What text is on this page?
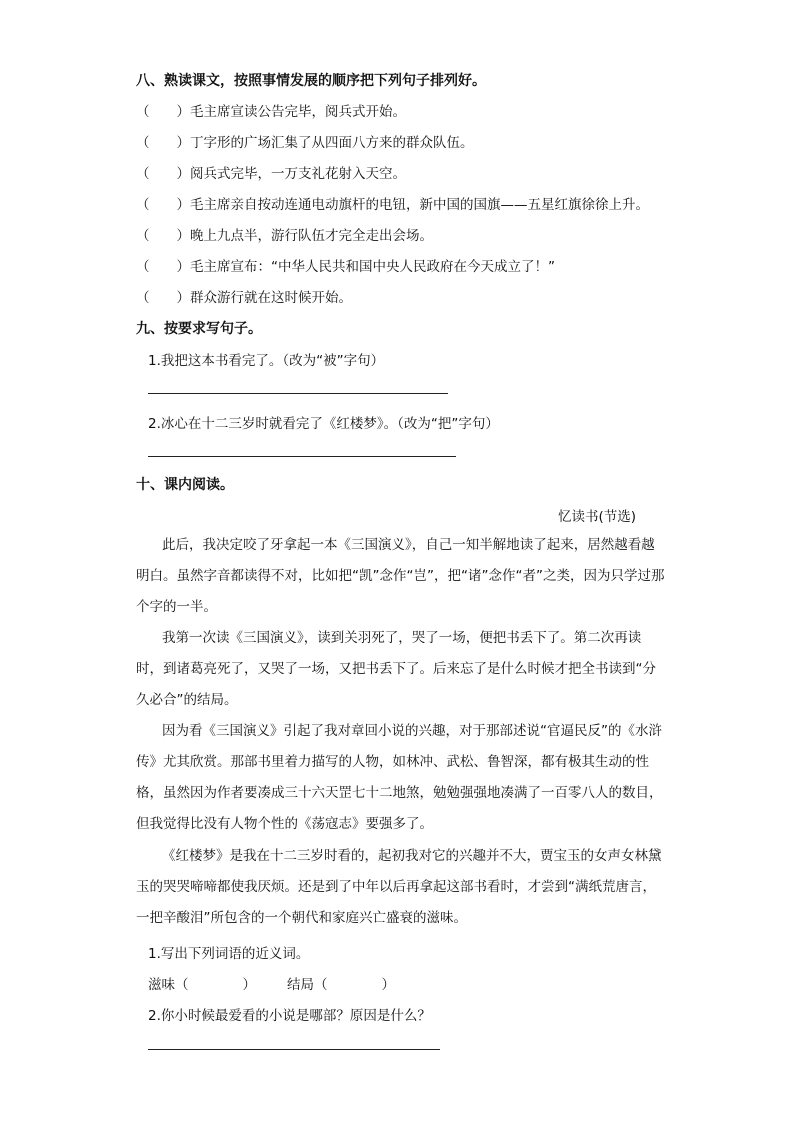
八、熟读课文，按照事情发展的顺序把下列句子排列好。
（　　）毛主席宣读公告完毕，阅兵式开始。
（　　）丁字形的广场汇集了从四面八方来的群众队伍。
（　　）阅兵式完毕，一万支礼花射入天空。
（　　）毛主席亲自按动连通电动旗杆的电钮，新中国的国旗——五星红旗徐徐上升。
（　　）晚上九点半，游行队伍才完全走出会场。
（　　）毛主席宣布：“中华人民共和国中央人民政府在今天成立了！”
（　　）群众游行就在这时候开始。
九、按要求写句子。
1.我把这本书看完了。（改为“被”字句）
2.冰心在十二三岁时就看完了《红楼梦》。（改为“把”字句）
十、课内阅读。
忆读书(节选)
此后，我决定咬了牙拿起一本《三国演义》，自己一知半解地读了起来，居然越看越明白。虽然字音都读得不对，比如把“凯”念作“岂”，把“诸”念作“者”之类，因为只学过那个字的一半。
我第一次读《三国演义》，读到关羽死了，哭了一场，便把书丢下了。第二次再读时，到诸葛亮死了，又哭了一场，又把书丢下了。后来忘了是什么时候才把全书读到“分久必合”的结局。
因为看《三国演义》引起了我对章回小说的兴趣，对于那部述说“官逼民反”的《水浒传》尤其欣赏。那部书里着力描写的人物，如林冲、武松、鲁智深，都有极其生动的性格，虽然因为作者要凑成三十六天罡七十二地煞，勉勉强强地凑满了一百零八人的数目，但我觉得比没有人物个性的《荡寇志》要强多了。
《红楼梦》是我在十二三岁时看的，起初我对它的兴趣并不大，贾宝玉的女声女林黛玉的哭哭啼啼都使我厌烦。还是到了中年以后再拿起这部书看时，才尝到“满纸荒唐言，一把辛酸泪”所包含的一个朝代和家庭兴亡盛衰的滋味。
1.写出下列词语的近义词。
滋味（　　　　） 结局（　　　　）
2.你小时候最爱看的小说是哪部？原因是什么？
